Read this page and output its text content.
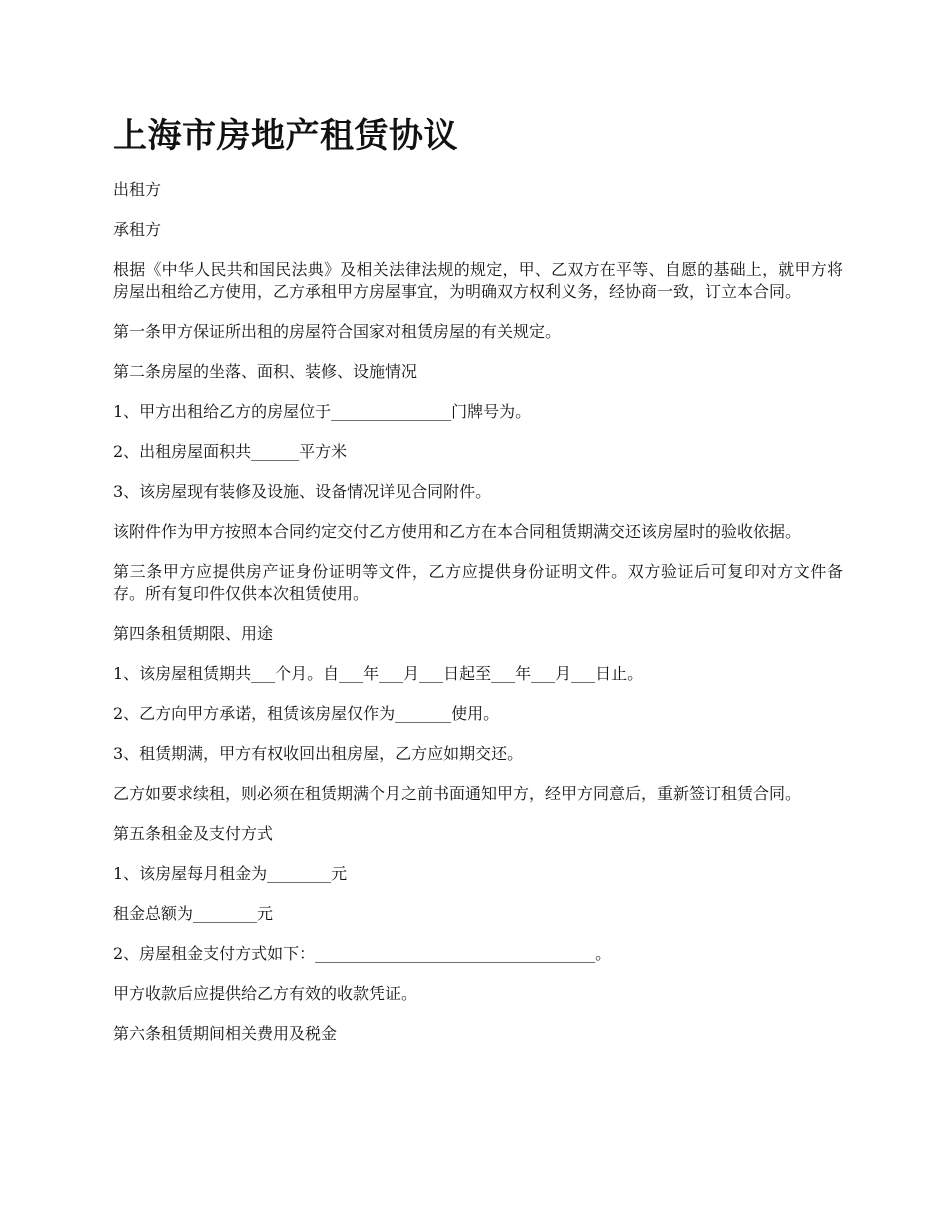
上海市房地产租赁协议

出租方

承租方

根据《中华人民共和国民法典》及相关法律法规的规定，甲、乙双方在平等、自愿的基础上，就甲方将房屋出租给乙方使用，乙方承租甲方房屋事宜，为明确双方权利义务，经协商一致，订立本合同。

第一条甲方保证所出租的房屋符合国家对租赁房屋的有关规定。

第二条房屋的坐落、面积、装修、设施情况

1、甲方出租给乙方的房屋位于_______________门牌号为。

2、出租房屋面积共______平方米

3、该房屋现有装修及设施、设备情况详见合同附件。

该附件作为甲方按照本合同约定交付乙方使用和乙方在本合同租赁期满交还该房屋时的验收依据。

第三条甲方应提供房产证身份证明等文件，乙方应提供身份证明文件。双方验证后可复印对方文件备存。所有复印件仅供本次租赁使用。

第四条租赁期限、用途

1、该房屋租赁期共___个月。自___年___月___日起至___年___月___日止。

2、乙方向甲方承诺，租赁该房屋仅作为_______使用。

3、租赁期满，甲方有权收回出租房屋，乙方应如期交还。

乙方如要求续租，则必须在租赁期满个月之前书面通知甲方，经甲方同意后，重新签订租赁合同。

第五条租金及支付方式

1、该房屋每月租金为________元

租金总额为________元

2、房屋租金支付方式如下：___________________________________。

甲方收款后应提供给乙方有效的收款凭证。

第六条租赁期间相关费用及税金
